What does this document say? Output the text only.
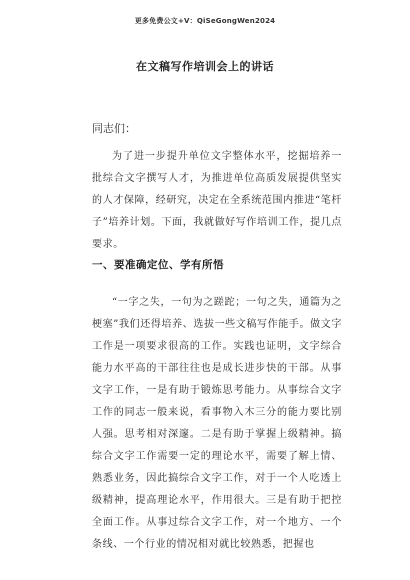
更多免费公文+V：QiSeGongWen2024
在文稿写作培训会上的讲话
同志们：

为了进一步提升单位文字整体水平，挖掘培养一批综合文字撰写人才，为推进单位高质发展提供坚实的人才保障，经研究，决定在全系统范围内推进“笔杆子”培养计划。下面，我就做好写作培训工作，提几点要求。

一、要准确定位、学有所悟

“一字之失，一句为之蹉跎；一句之失，通篇为之梗塞”我们还得培养、选拔一些文稿写作能手。做文字工作是一项要求很高的工作。实践也证明，文字综合能力水平高的干部往往也是成长进步快的干部。从事文字工作，一是有助于锻炼思考能力。从事综合文字工作的同志一般来说，看事物入木三分的能力要比别人强。思考相对深邃。二是有助于掌握上级精神。搞综合文字工作需要一定的理论水平，需要了解上情、熟悉业务，因此搞综合文字工作，对于一个人吃透上级精神，提高理论水平，作用很大。三是有助于把控全面工作。从事过综合文字工作，对一个地方、一个条线、一个行业的情况相对就比较熟悉，把握也
